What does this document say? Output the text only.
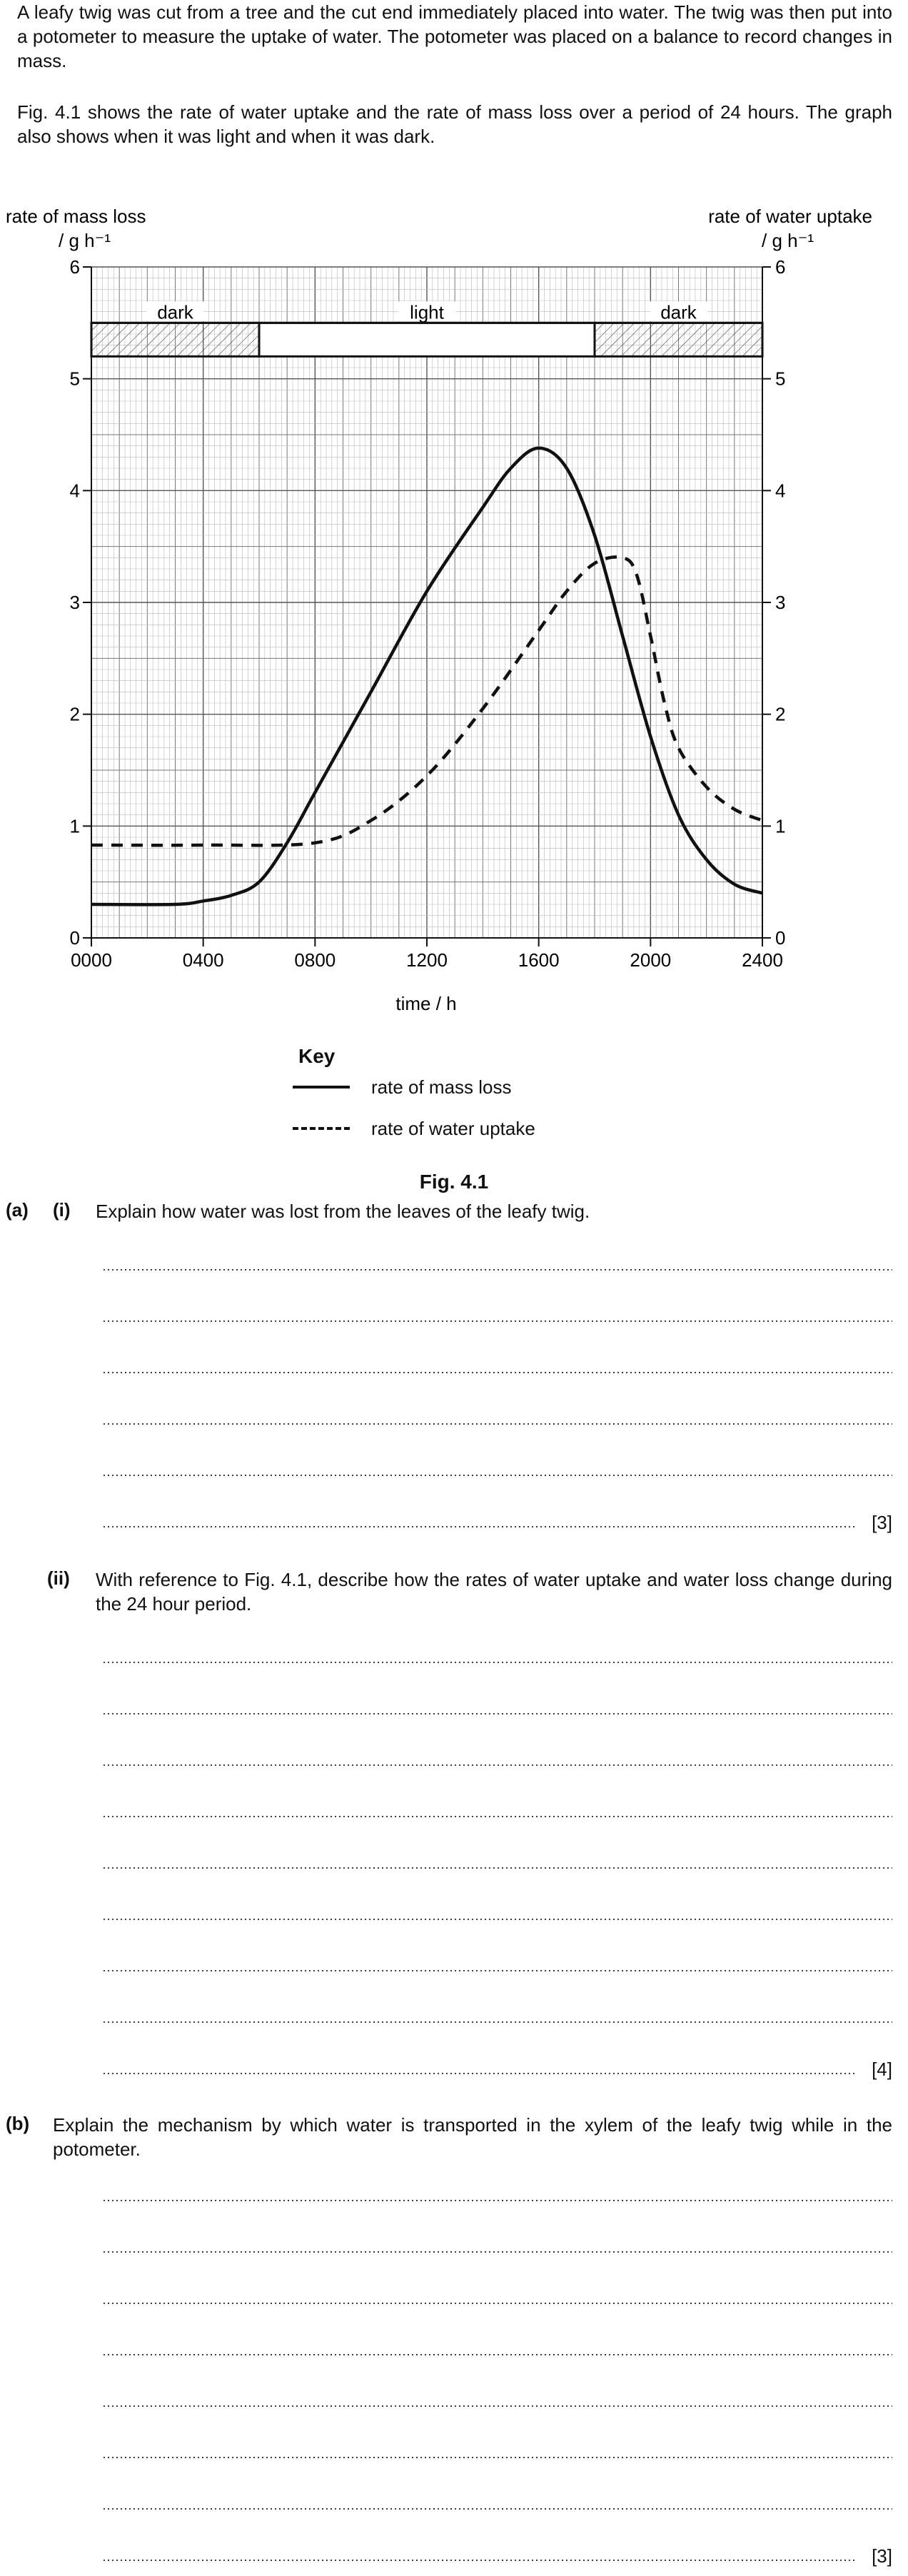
A leafy twig was cut from a tree and the cut end immediately placed into water. The twig was then put into a potometer to measure the uptake of water. The potometer was placed on a balance to record changes in mass.
Fig. 4.1 shows the rate of water uptake and the rate of mass loss over a period of 24 hours. The graph also shows when it was light and when it was dark.
dark	light	dark
0	0
1	1
2	2
3	3
4	4
5	5
6	6
0000	0400	0800	1200	1600	2000	2400
rate of mass loss
/ g h⁻¹
rate of water uptake
/ g h⁻¹
time / h
Key
rate of mass loss
rate of water uptake
Fig. 4.1
(a) (i) Explain how water was lost from the leaves of the leafy twig.
[3]
(ii) With reference to Fig. 4.1, describe how the rates of water uptake and water loss change during the 24 hour period.
[4]
(b) Explain the mechanism by which water is transported in the xylem of the leafy twig while in the potometer.
[3]
